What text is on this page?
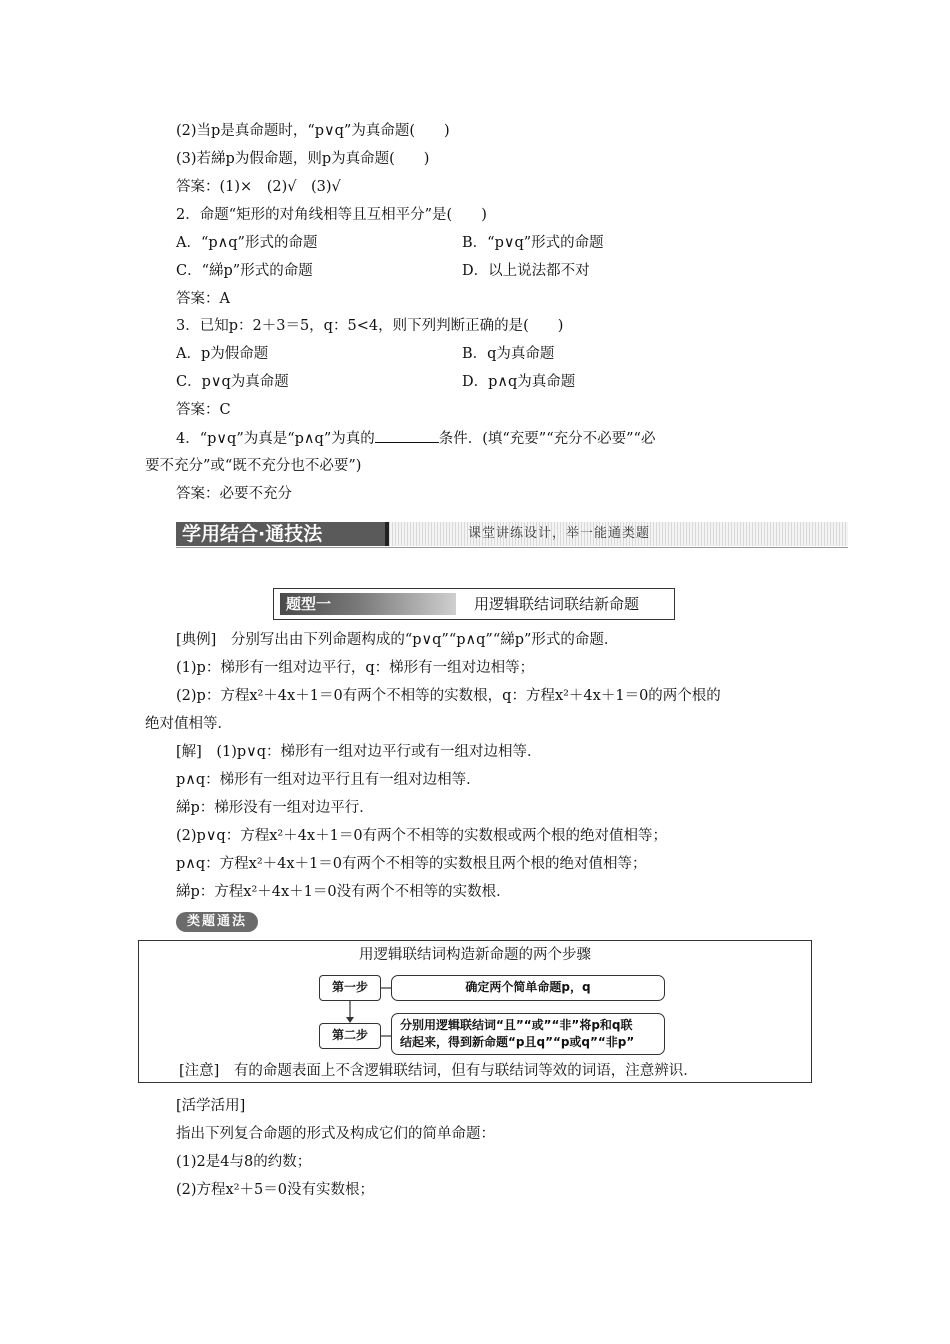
(2)当p是真命题时，“p∨q”为真命题(　　)
(3)若綈p为假命题，则p为真命题(　　)
答案：(1)×　(2)√　(3)√
2．命题“矩形的对角线相等且互相平分”是(　　)
A．“p∧q”形式的命题	B．“p∨q”形式的命题
C．“綈p”形式的命题	D．以上说法都不对
答案：A
3．已知p：2＋3＝5，q：5<4，则下列判断正确的是(　　)
A．p为假命题	B．q为真命题
C．p∨q为真命题	D．p∧q为真命题
答案：C
4．“p∨q”为真是“p∧q”为真的	条件．(填“充要”“充分不必要”“必
要不充分”或“既不充分也不必要”)
答案：必要不充分
学用结合·通技法	课堂讲练设计，举一能通类题
题型一	用逻辑联结词联结新命题
[典例]　分别写出由下列命题构成的“p∨q”“p∧q”“綈p”形式的命题．
(1)p：梯形有一组对边平行，q：梯形有一组对边相等；
(2)p：方程x²＋4x＋1＝0有两个不相等的实数根，q：方程x²＋4x＋1＝0的两个根的
绝对值相等．
[解]　(1)p∨q：梯形有一组对边平行或有一组对边相等．
p∧q：梯形有一组对边平行且有一组对边相等．
綈p：梯形没有一组对边平行．
(2)p∨q：方程x²＋4x＋1＝0有两个不相等的实数根或两个根的绝对值相等；
p∧q：方程x²＋4x＋1＝0有两个不相等的实数根且两个根的绝对值相等；
綈p：方程x²＋4x＋1＝0没有两个不相等的实数根．
类题通法
用逻辑联结词构造新命题的两个步骤
第一步	确定两个简单命题p，q
第二步
分别用逻辑联结词“且”“或”“非”将p和q联
结起来，得到新命题“p且q”“p或q”“非p”
[注意]　有的命题表面上不含逻辑联结词，但有与联结词等效的词语，注意辨识．
[活学活用]
指出下列复合命题的形式及构成它们的简单命题：
(1)2是4与8的约数；
(2)方程x²＋5＝0没有实数根；
